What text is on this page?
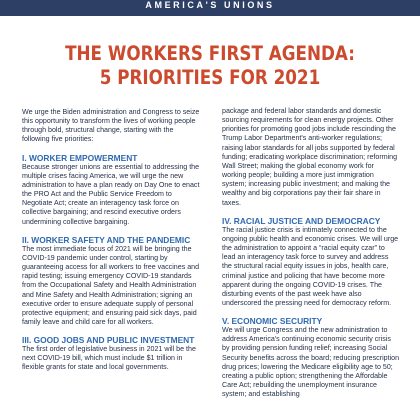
AMERICA'S UNIONS
THE WORKERS FIRST AGENDA:
5 PRIORITIES FOR 2021

We urge the Biden administration and Congress to seize this opportunity to transform the lives of working people through bold, structural change, starting with the following five priorities:

I. WORKER EMPOWERMENT

Because stronger unions are essential to addressing the multiple crises facing America, we will urge the new administration to have a plan ready on Day One to enact the PRO Act and the Public Service Freedom to Negotiate Act; create an interagency task force on collective bargaining; and rescind executive orders undermining collective bargaining.

II. WORKER SAFETY AND THE PANDEMIC

The most immediate focus of 2021 will be bringing the COVID-19 pandemic under control, starting by guaranteeing access for all workers to free vaccines and rapid testing; issuing emergency COVID-19 standards from the Occupational Safety and Health Administration and Mine Safety and Health Administration; signing an executive order to ensure adequate supply of personal protective equipment; and ensuring paid sick days, paid family leave and child care for all workers.

III. GOOD JOBS AND PUBLIC INVESTMENT

The first order of legislative business in 2021 will be the next COVID-19 bill, which must include $1 trillion in flexible grants for state and local governments.

package and federal labor standards and domestic sourcing requirements for clean energy projects. Other priorities for promoting good jobs include rescinding the Trump Labor Department's anti-worker regulations; raising labor standards for all jobs supported by federal funding; eradicating workplace discrimination; reforming Wall Street; making the global economy work for working people; building a more just immigration system; increasing public investment; and making the wealthy and big corporations pay their fair share in taxes.

IV. RACIAL JUSTICE AND DEMOCRACY

The racial justice crisis is intimately connected to the ongoing public health and economic crises. We will urge the administration to appoint a “racial equity czar” to lead an interagency task force to survey and address the structural racial equity issues in jobs, health care, criminal justice and policing that have become more apparent during the ongoing COVID-19 crises. The disturbing events of the past week have also underscored the pressing need for democracy reform.

V. ECONOMIC SECURITY

We will urge Congress and the new administration to address America's continuing economic security crisis by providing pension funding relief; increasing Social Security benefits across the board; reducing prescription drug prices; lowering the Medicare eligibility age to 50; creating a public option; strengthening the Affordable Care Act; rebuilding the unemployment insurance system; and establishing
